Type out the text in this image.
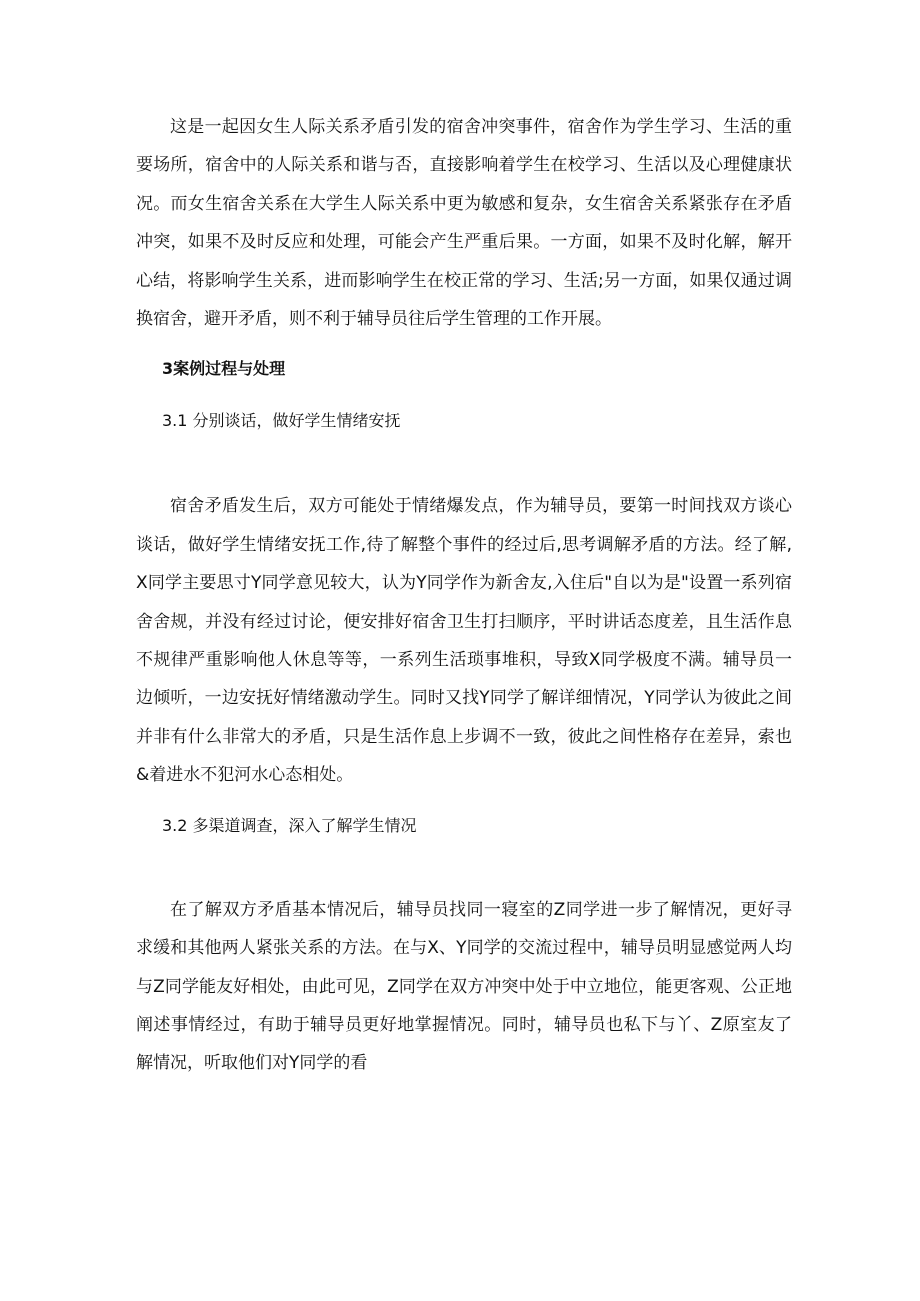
这是一起因女生人际关系矛盾引发的宿舍冲突事件，宿舍作为学生学习、生活的重要场所，宿舍中的人际关系和谐与否，直接影响着学生在校学习、生活以及心理健康状况。而女生宿舍关系在大学生人际关系中更为敏感和复杂，女生宿舍关系紧张存在矛盾冲突，如果不及时反应和处理，可能会产生严重后果。一方面，如果不及时化解，解开心结，将影响学生关系，进而影响学生在校正常的学习、生活;另一方面，如果仅通过调换宿舍，避开矛盾，则不利于辅导员往后学生管理的工作开展。

3案例过程与处理

3.1 分别谈话，做好学生情绪安抚

宿舍矛盾发生后，双方可能处于情绪爆发点，作为辅导员，要第一时间找双方谈心谈话，做好学生情绪安抚工作,待了解整个事件的经过后,思考调解矛盾的方法。经了解,X同学主要思寸Y同学意见较大，认为Y同学作为新舍友,入住后"自以为是"设置一系列宿舍舍规，并没有经过讨论，便安排好宿舍卫生打扫顺序，平时讲话态度差，且生活作息不规律严重影响他人休息等等，一系列生活琐事堆积，导致X同学极度不满。辅导员一边倾听，一边安抚好情绪激动学生。同时又找Y同学了解详细情况，Y同学认为彼此之间并非有什么非常大的矛盾，只是生活作息上步调不一致，彼此之间性格存在差异，索也&着进水不犯河水心态相处。

3.2 多渠道调查，深入了解学生情况

在了解双方矛盾基本情况后，辅导员找同一寝室的Z同学进一步了解情况，更好寻求缓和其他两人紧张关系的方法。在与X、Y同学的交流过程中，辅导员明显感觉两人均与Z同学能友好相处，由此可见，Z同学在双方冲突中处于中立地位，能更客观、公正地阐述事情经过，有助于辅导员更好地掌握情况。同时，辅导员也私下与丫、Z原室友了解情况，听取他们对Y同学的看
